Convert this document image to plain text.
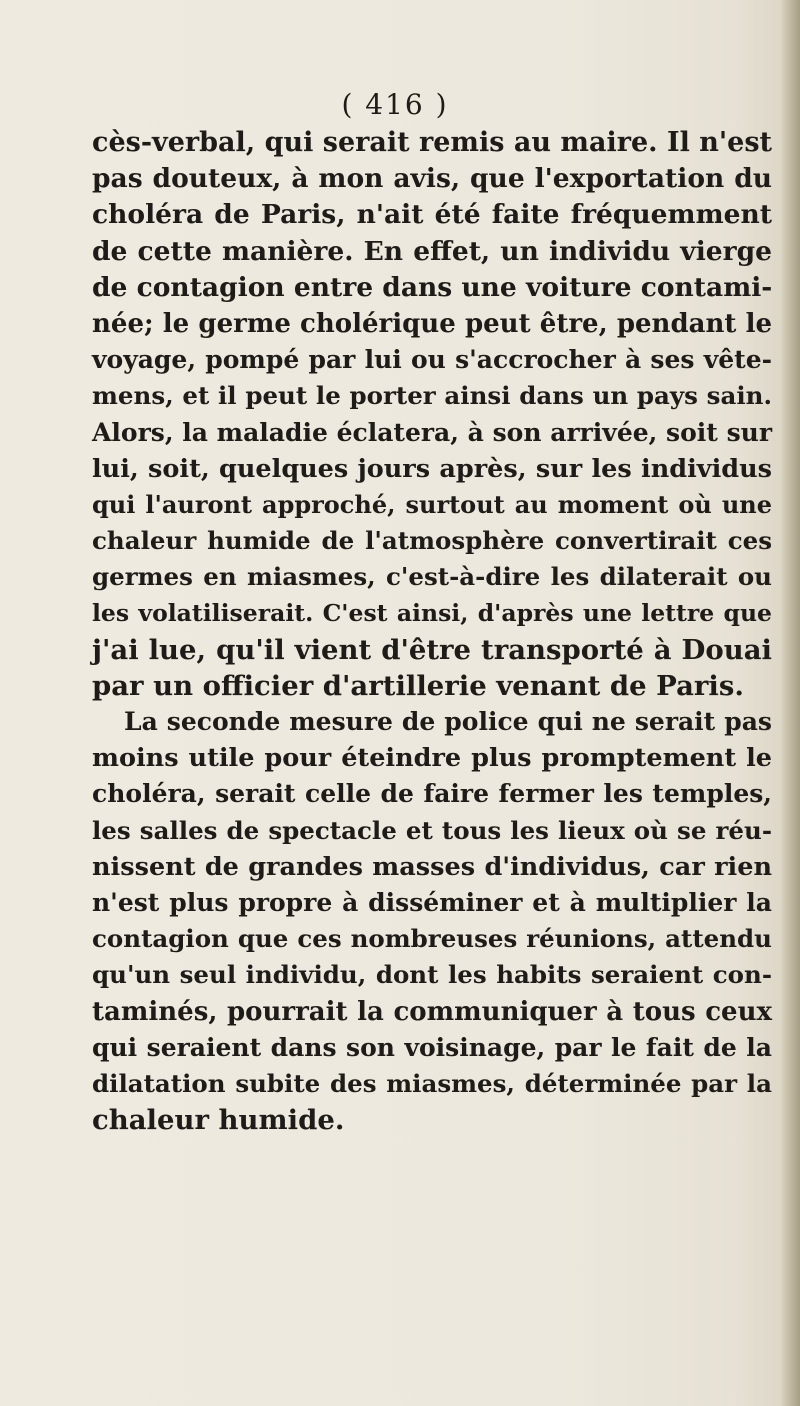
( 416 )
cès-verbal, qui serait remis au maire. Il n'est
pas douteux, à mon avis, que l'exportation du
choléra de Paris, n'ait été faite fréquemment
de cette manière. En effet, un individu vierge
de contagion entre dans une voiture contami-
née; le germe cholérique peut être, pendant le
voyage, pompé par lui ou s'accrocher à ses vête-
mens, et il peut le porter ainsi dans un pays sain.
Alors, la maladie éclatera, à son arrivée, soit sur
lui, soit, quelques jours après, sur les individus
qui l'auront approché, surtout au moment où une
chaleur humide de l'atmosphère convertirait ces
germes en miasmes, c'est-à-dire les dilaterait ou
les volatiliserait. C'est ainsi, d'après une lettre que
j'ai lue, qu'il vient d'être transporté à Douai
par un officier d'artillerie venant de Paris.
La seconde mesure de police qui ne serait pas
moins utile pour éteindre plus promptement le
choléra, serait celle de faire fermer les temples,
les salles de spectacle et tous les lieux où se réu-
nissent de grandes masses d'individus, car rien
n'est plus propre à disséminer et à multiplier la
contagion que ces nombreuses réunions, attendu
qu'un seul individu, dont les habits seraient con-
taminés, pourrait la communiquer à tous ceux
qui seraient dans son voisinage, par le fait de la
dilatation subite des miasmes, déterminée par la
chaleur humide.
